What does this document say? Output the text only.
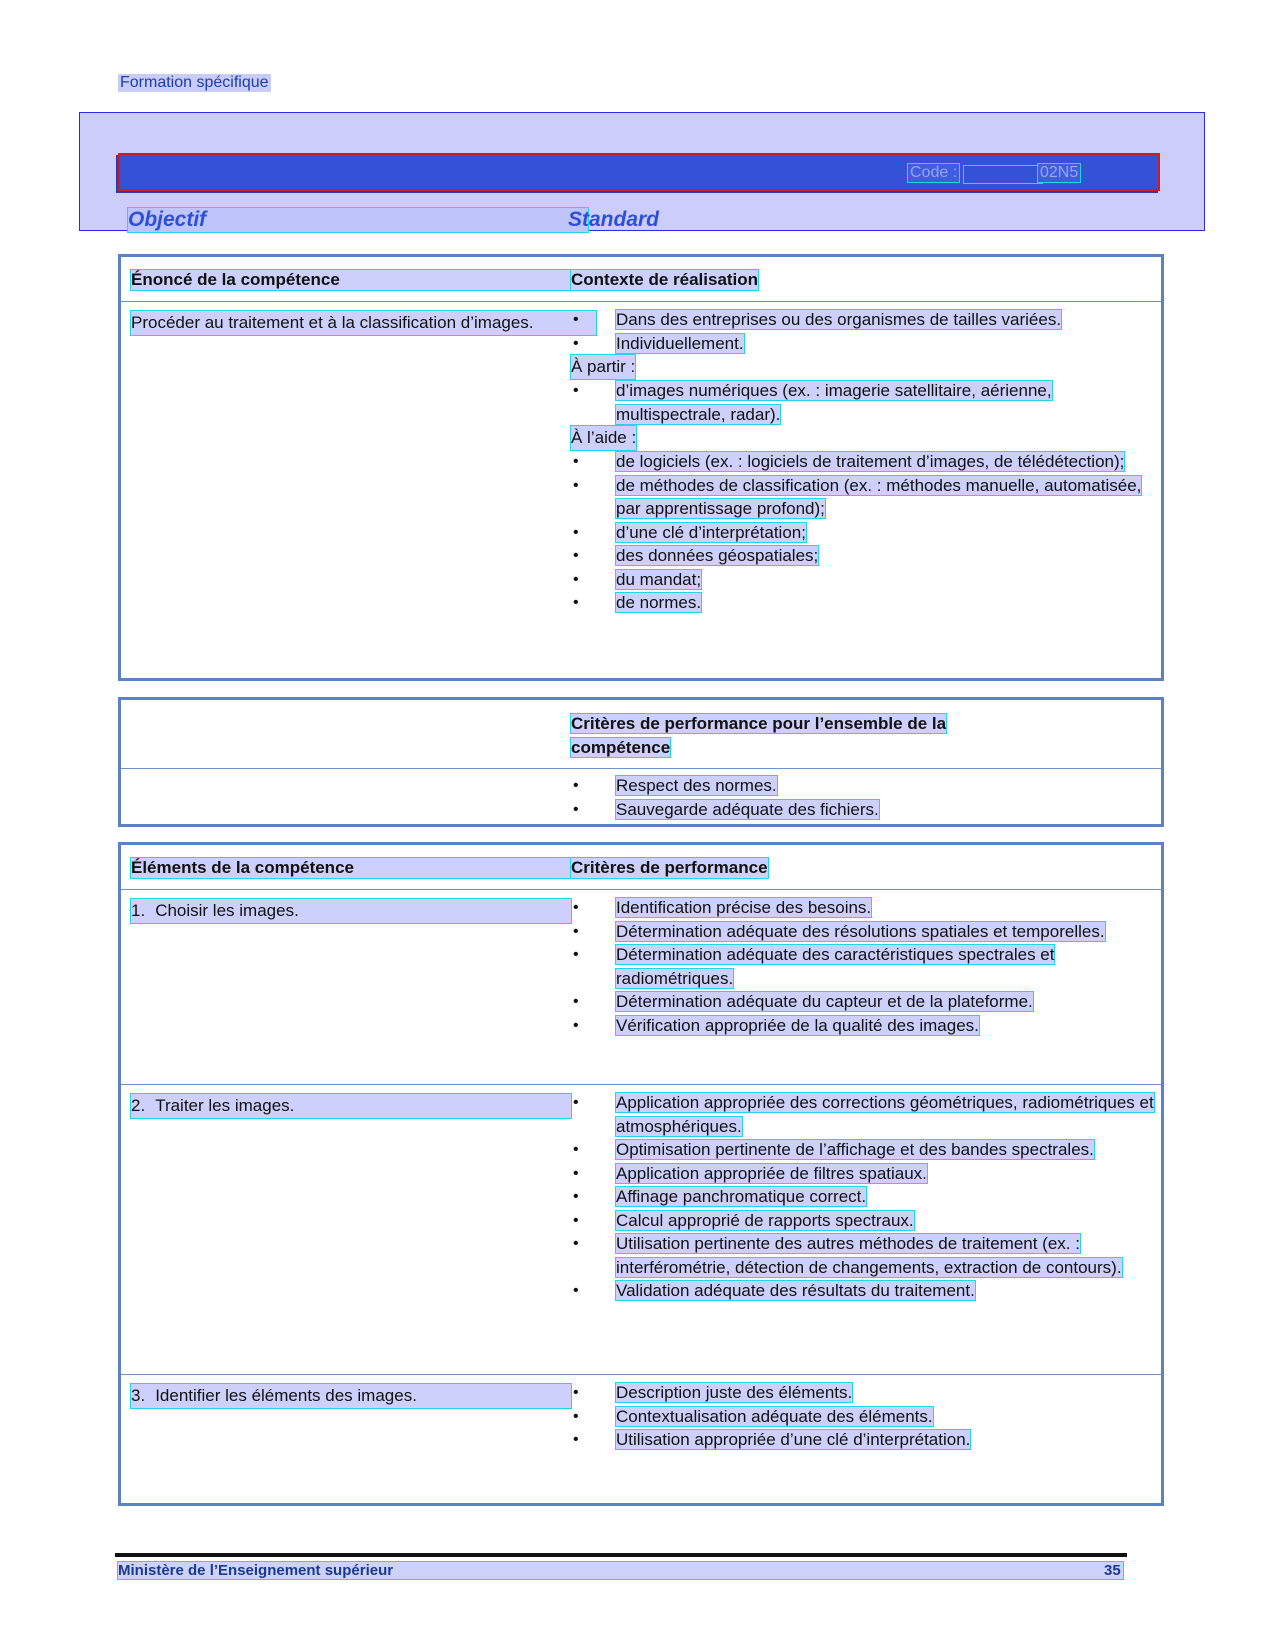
Formation spécifique
Code :	02N5
Objectif	Standard
Énoncé de la compétence	Contexte de réalisation
Procéder au traitement et à la classification d’images.	• Dans des entreprises ou des organismes de tailles variées.
• Individuellement.
À partir :
• d’images numériques (ex. : imagerie satellitaire, aérienne, multispectrale, radar).
À l’aide :
• de logiciels (ex. : logiciels de traitement d’images, de télédétection);
• de méthodes de classification (ex. : méthodes manuelle, automatisée, par apprentissage profond);
• d’une clé d’interprétation;
• des données géospatiales;
• du mandat;
• de normes.
Critères de performance pour l’ensemble de la compétence
• Respect des normes.
• Sauvegarde adéquate des fichiers.
Éléments de la compétence	Critères de performance
1. Choisir les images.	• Identification précise des besoins.
• Détermination adéquate des résolutions spatiales et temporelles.
• Détermination adéquate des caractéristiques spectrales et radiométriques.
• Détermination adéquate du capteur et de la plateforme.
• Vérification appropriée de la qualité des images.
2. Traiter les images.	• Application appropriée des corrections géométriques, radiométriques et atmosphériques.
• Optimisation pertinente de l’affichage et des bandes spectrales.
• Application appropriée de filtres spatiaux.
• Affinage panchromatique correct.
• Calcul approprié de rapports spectraux.
• Utilisation pertinente des autres méthodes de traitement (ex. : interférométrie, détection de changements, extraction de contours).
• Validation adéquate des résultats du traitement.
3. Identifier les éléments des images.	• Description juste des éléments.
• Contextualisation adéquate des éléments.
• Utilisation appropriée d’une clé d’interprétation.
Ministère de l’Enseignement supérieur	35
